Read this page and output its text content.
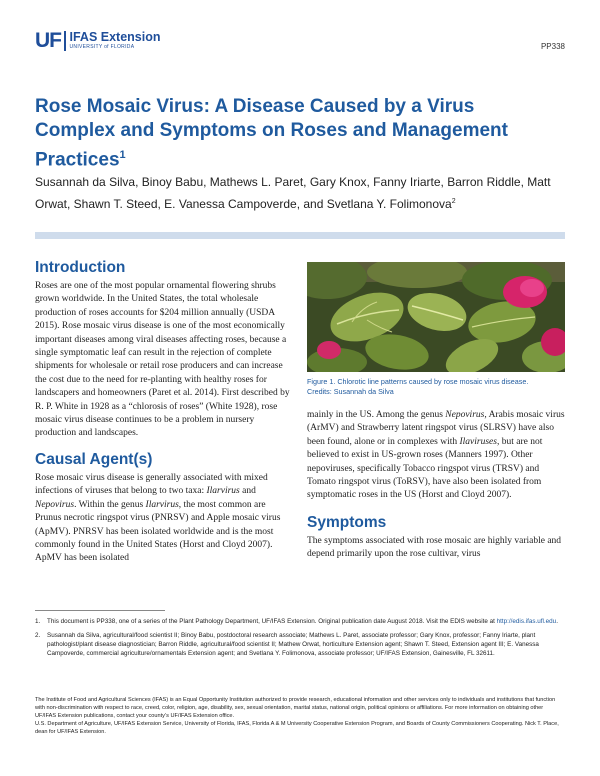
UF IFAS Extension
UNIVERSITY of FLORIDA	PP338
Rose Mosaic Virus: A Disease Caused by a Virus Complex and Symptoms on Roses and Management Practices$^1$
Susannah da Silva, Binoy Babu, Mathews L. Paret, Gary Knox, Fanny Iriarte, Barron Riddle, Matt Orwat, Shawn T. Steed, E. Vanessa Campoverde, and Svetlana Y. Folimonova$^2$
Introduction

Roses are one of the most popular ornamental flowering shrubs grown worldwide. In the United States, the total wholesale production of roses accounts for $204 million annually (USDA 2015). Rose mosaic virus disease is one of the most economically important diseases among viral diseases affecting roses, because a single symptomatic leaf can result in the rejection of complete shipments for wholesale or retail rose producers and can increase the cost due to the need for re-planting with healthy roses for landscapers and homeowners (Paret et al. 2014). First described by R. P. White in 1928 as a “chlorosis of roses” (White 1928), rose mosaic virus disease continues to be a problem in nursery production and landscapes.

Causal Agent(s)

Rose mosaic virus disease is generally associated with mixed infections of viruses that belong to two taxa: Ilarvirus and Nepovirus. Within the genus Ilarvirus, the most common are Prunus necrotic ringspot virus (PNRSV) and Apple mosaic virus (ApMV). PNRSV has been isolated worldwide and is the most commonly found in the United States (Horst and Cloyd 2007). ApMV has been isolated

Figure 1. Chlorotic line patterns caused by rose mosaic virus disease.
Credits: Susannah da Silva

mainly in the US. Among the genus Nepovirus, Arabis mosaic virus (ArMV) and Strawberry latent ringspot virus (SLRSV) have also been found, alone or in complexes with Ilaviruses, but are not believed to exist in US-grown roses (Manners 1997). Other nepoviruses, specifically Tobacco ringspot virus (TRSV) and Tomato ringspot virus (ToRSV), have also been isolated from symptomatic roses in the US (Horst and Cloyd 2007).

Symptoms

The symptoms associated with rose mosaic are highly variable and depend primarily upon the rose cultivar, virus

1.	This document is PP338, one of a series of the Plant Pathology Department, UF/IFAS Extension. Original publication date August 2018. Visit the EDIS website at http://edis.ifas.ufl.edu.
2.	Susannah da Silva, agricultural/food scientist II; Binoy Babu, postdoctoral research associate; Mathews L. Paret, associate professor; Gary Knox, professor; Fanny Iriarte, plant pathologist/plant disease diagnostician; Barron Riddle, agricultural/food scientist II; Mathew Orwat, horticulture Extension agent; Shawn T. Steed, Extension agent III; E. Vanessa Campoverde, commercial agriculture/ornamentals Extension agent; and Svetlana Y. Folimonova, associate professor; UF/IFAS Extension, Gainesville, FL 32611.

The Institute of Food and Agricultural Sciences (IFAS) is an Equal Opportunity Institution authorized to provide research, educational information and other services only to individuals and institutions that function with non-discrimination with respect to race, creed, color, religion, age, disability, sex, sexual orientation, marital status, national origin, political opinions or affiliations. For more information on obtaining other UF/IFAS Extension publications, contact your county’s UF/IFAS Extension office.

U.S. Department of Agriculture, UF/IFAS Extension Service, University of Florida, IFAS, Florida A & M University Cooperative Extension Program, and Boards of County Commissioners Cooperating. Nick T. Place, dean for UF/IFAS Extension.
